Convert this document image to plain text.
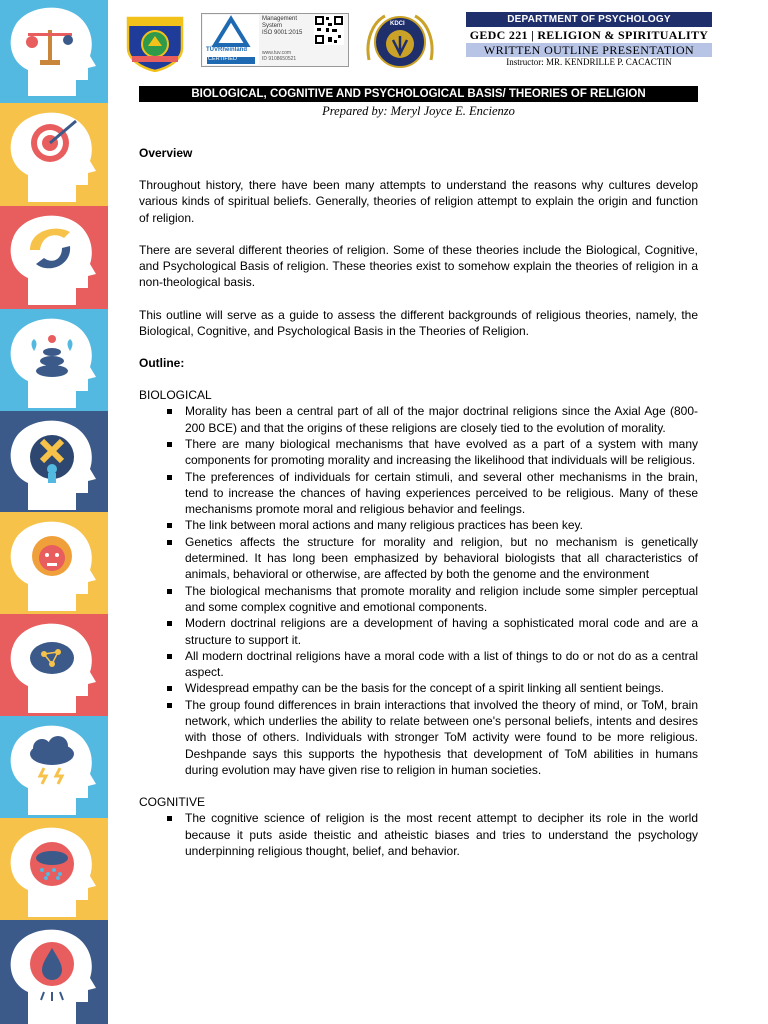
TÜVRheinland
CERTIFIED
Management
System
ISO 9001:2015
www.tuv.com
ID 9108650521
KDCI	DEPARTMENT OF PSYCHOLOGY
GEDC 221 | RELIGION & SPIRITUALITY
WRITTEN OUTLINE PRESENTATION
Instructor: MR. KENDRILLE P. CACACTIN
BIOLOGICAL, COGNITIVE AND PSYCHOLOGICAL BASIS/ THEORIES OF RELIGION
Prepared by: Meryl Joyce E. Encienzo
Overview

Throughout history, there have been many attempts to understand the reasons why cultures develop various kinds of spiritual beliefs. Generally, theories of religion attempt to explain the origin and function of religion.

There are several different theories of religion. Some of these theories include the Biological, Cognitive, and Psychological Basis of religion. These theories exist to somehow explain the theories of religion in a non-theological basis.

This outline will serve as a guide to assess the different backgrounds of religious theories, namely, the Biological, Cognitive, and Psychological Basis in the Theories of Religion.

Outline:
BIOLOGICAL
Morality has been a central part of all of the major doctrinal religions since the Axial Age (800-200 BCE) and that the origins of these religions are closely tied to the evolution of morality.
There are many biological mechanisms that have evolved as a part of a system with many components for promoting morality and increasing the likelihood that individuals will be religious.
The preferences of individuals for certain stimuli, and several other mechanisms in the brain, tend to increase the chances of having experiences perceived to be religious. Many of these mechanisms promote moral and religious behavior and feelings.
The link between moral actions and many religious practices has been key.
Genetics affects the structure for morality and religion, but no mechanism is genetically determined. It has long been emphasized by behavioral biologists that all characteristics of animals, behavioral or otherwise, are affected by both the genome and the environment
The biological mechanisms that promote morality and religion include some simpler perceptual and some complex cognitive and emotional components.
Modern doctrinal religions are a development of having a sophisticated moral code and are a structure to support it.
All modern doctrinal religions have a moral code with a list of things to do or not do as a central aspect.
Widespread empathy can be the basis for the concept of a spirit linking all sentient beings.
The group found differences in brain interactions that involved the theory of mind, or ToM, brain network, which underlies the ability to relate between one's personal beliefs, intents and desires with those of others. Individuals with stronger ToM activity were found to be more religious. Deshpande says this supports the hypothesis that development of ToM abilities in humans during evolution may have given rise to religion in human societies.
COGNITIVE
The cognitive science of religion is the most recent attempt to decipher its role in the world because it puts aside theistic and atheistic biases and tries to understand the psychology underpinning religious thought, belief, and behavior.
